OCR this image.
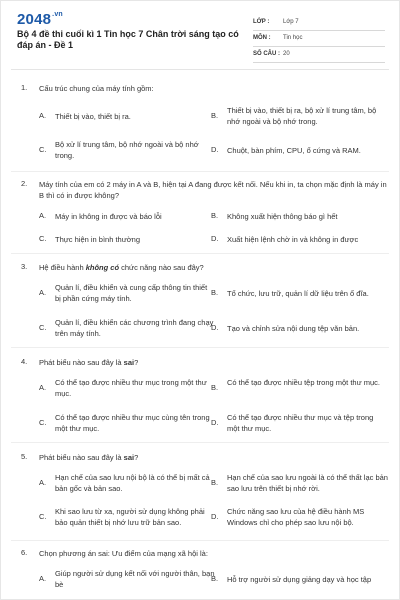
$2048^{.vn}$
Bộ 4 đề thi cuối kì 1 Tin học 7 Chân trời sáng tạo có đáp án - Đề 1
LỚP : Lớp 7
MÔN : Tin học
SỐ CÂU : 20
1. Cấu trúc chung của máy tính gồm:
A. Thiết bị vào, thiết bị ra.	B.
Thiết bị vào, thiết bị ra, bộ xử lí trung tâm, bộ nhớ ngoài và bộ nhớ trong.
C.
Bộ xử lí trung tâm, bộ nhớ ngoài và bộ nhớ trong.
D. Chuột, bàn phím, CPU, ổ cứng và RAM.
2. Máy tính của em có 2 máy in A và B, hiện tại A đang được kết nối. Nếu khi in, ta chọn mặc định là máy in B thì có in được không?
A. Máy in không in được và báo lỗi	B. Không xuất hiện thông báo gì hết
C. Thực hiện in bình thường	D. Xuất hiện lệnh chờ in và không in được
3. Hệ điều hành không có chức năng nào sau đây?
A.
Quản lí, điều khiển và cung cấp thông tin thiết bị phần cứng máy tính.
B. Tổ chức, lưu trữ, quản lí dữ liệu trên ổ đĩa.
C.
Quản lí, điều khiển các chương trình đang chạy trên máy tính.
D. Tạo và chỉnh sửa nội dung tệp văn bản.
4. Phát biểu nào sau đây là sai?
A.
Có thể tạo được nhiều thư mục trong một thư mục.
B.
Có thể tạo được nhiều tệp trong một thư mục.
C.
Có thể tạo được nhiều thư mục cùng tên trong một thư mục.
D.
Có thể tạo được nhiều thư mục và tệp trong một thư mục.
5. Phát biểu nào sau đây là sai?
A.
Hạn chế của sao lưu nội bộ là có thể bị mất cả bản gốc và bản sao.
B.
Hạn chế của sao lưu ngoài là có thể thất lạc bản sao lưu trên thiết bị nhớ rời.
C.
Khi sao lưu từ xa, người sử dụng không phải bảo quản thiết bị nhớ lưu trữ bản sao.
D.
Chức năng sao lưu của hệ điều hành MS Windows chỉ cho phép sao lưu nội bộ.
6. Chọn phương án sai: Ưu điểm của mạng xã hội là:
A.
Giúp người sử dụng kết nối với người thân, bạn bè
B. Hỗ trợ người sử dụng giảng dạy và học tập
